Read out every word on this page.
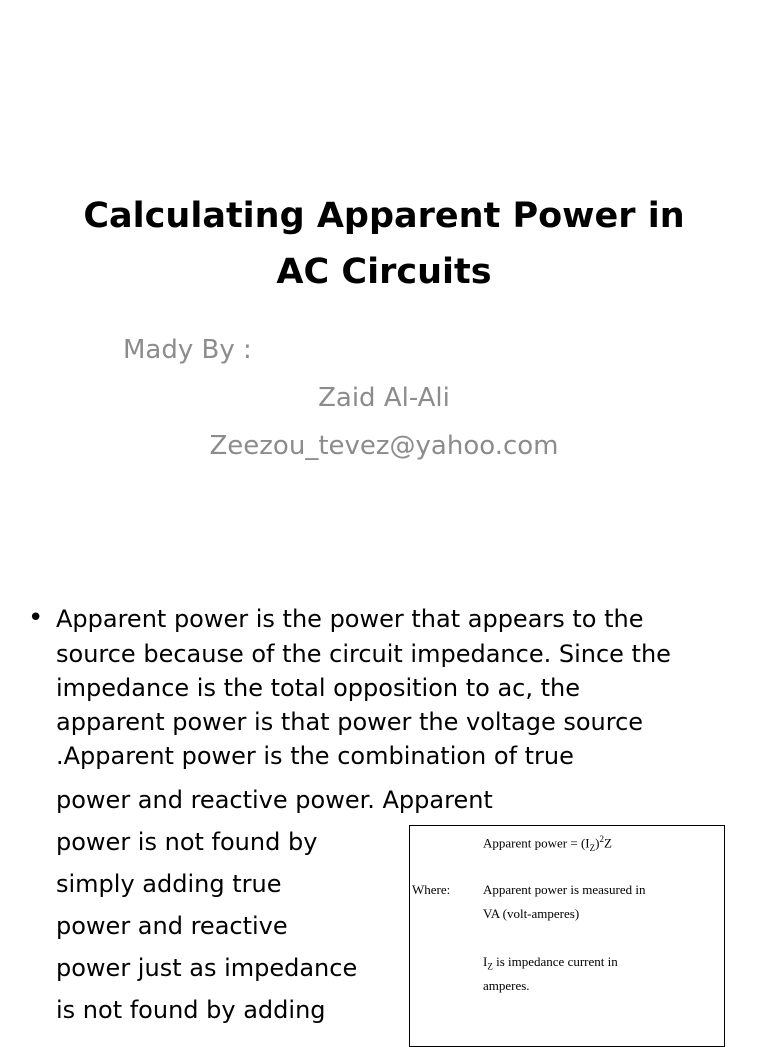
Calculating Apparent Power in
AC Circuits
Mady By :
Zaid Al-Ali
Zeezou_tevez@yahoo.com
• Apparent power is the power that appears to the
source because of the circuit impedance. Since the
impedance is the total opposition to ac, the
apparent power is that power the voltage source
.Apparent power is the combination of true
power and reactive power. Apparent
power is not found by
simply adding true
power and reactive
power just as impedance
is not found by adding
Apparent power = $(I_Z)^2Z$
Where:	Apparent power is measured in
VA (volt-amperes)
$I_Z$ is impedance current in
amperes.
